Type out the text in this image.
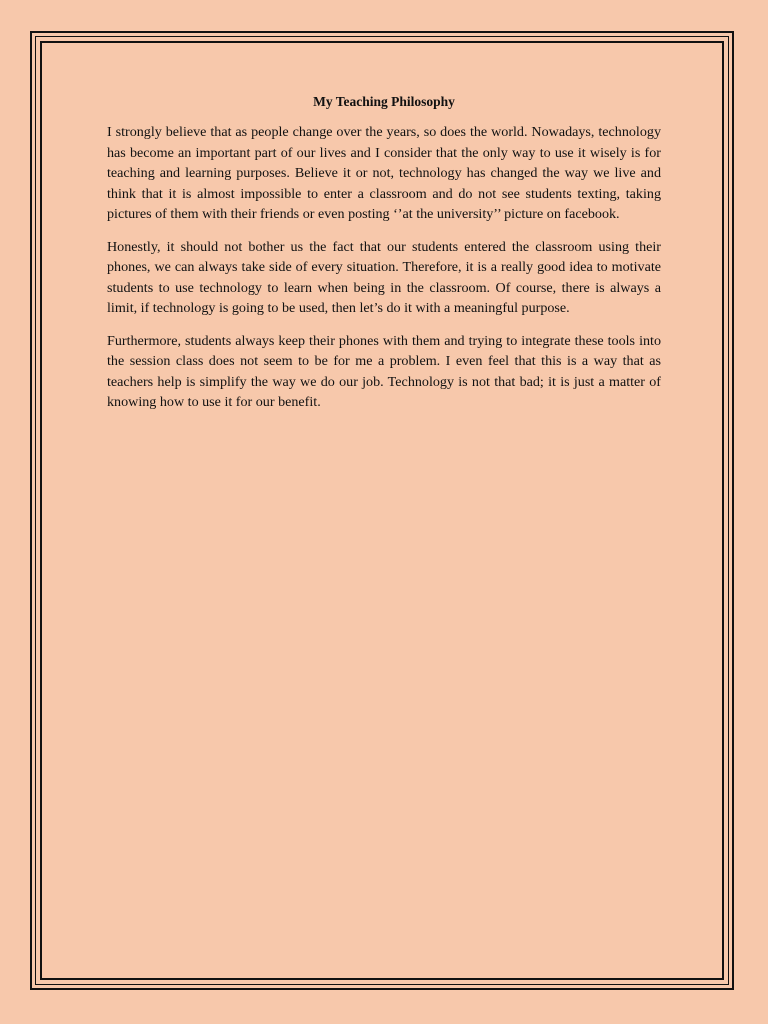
My Teaching Philosophy

I strongly believe that as people change over the years, so does the world. Nowadays, technology has become an important part of our lives and I consider that the only way to use it wisely is for teaching and learning purposes. Believe it or not, technology has changed the way we live and think that it is almost impossible to enter a classroom and do not see students texting, taking pictures of them with their friends or even posting ‘’at the university’’ picture on facebook.

Honestly, it should not bother us the fact that our students entered the classroom using their phones, we can always take side of every situation. Therefore, it is a really good idea to motivate students to use technology to learn when being in the classroom. Of course, there is always a limit, if technology is going to be used, then let’s do it with a meaningful purpose.

Furthermore, students always keep their phones with them and trying to integrate these tools into the session class does not seem to be for me a problem. I even feel that this is a way that as teachers help is simplify the way we do our job. Technology is not that bad; it is just a matter of knowing how to use it for our benefit.
